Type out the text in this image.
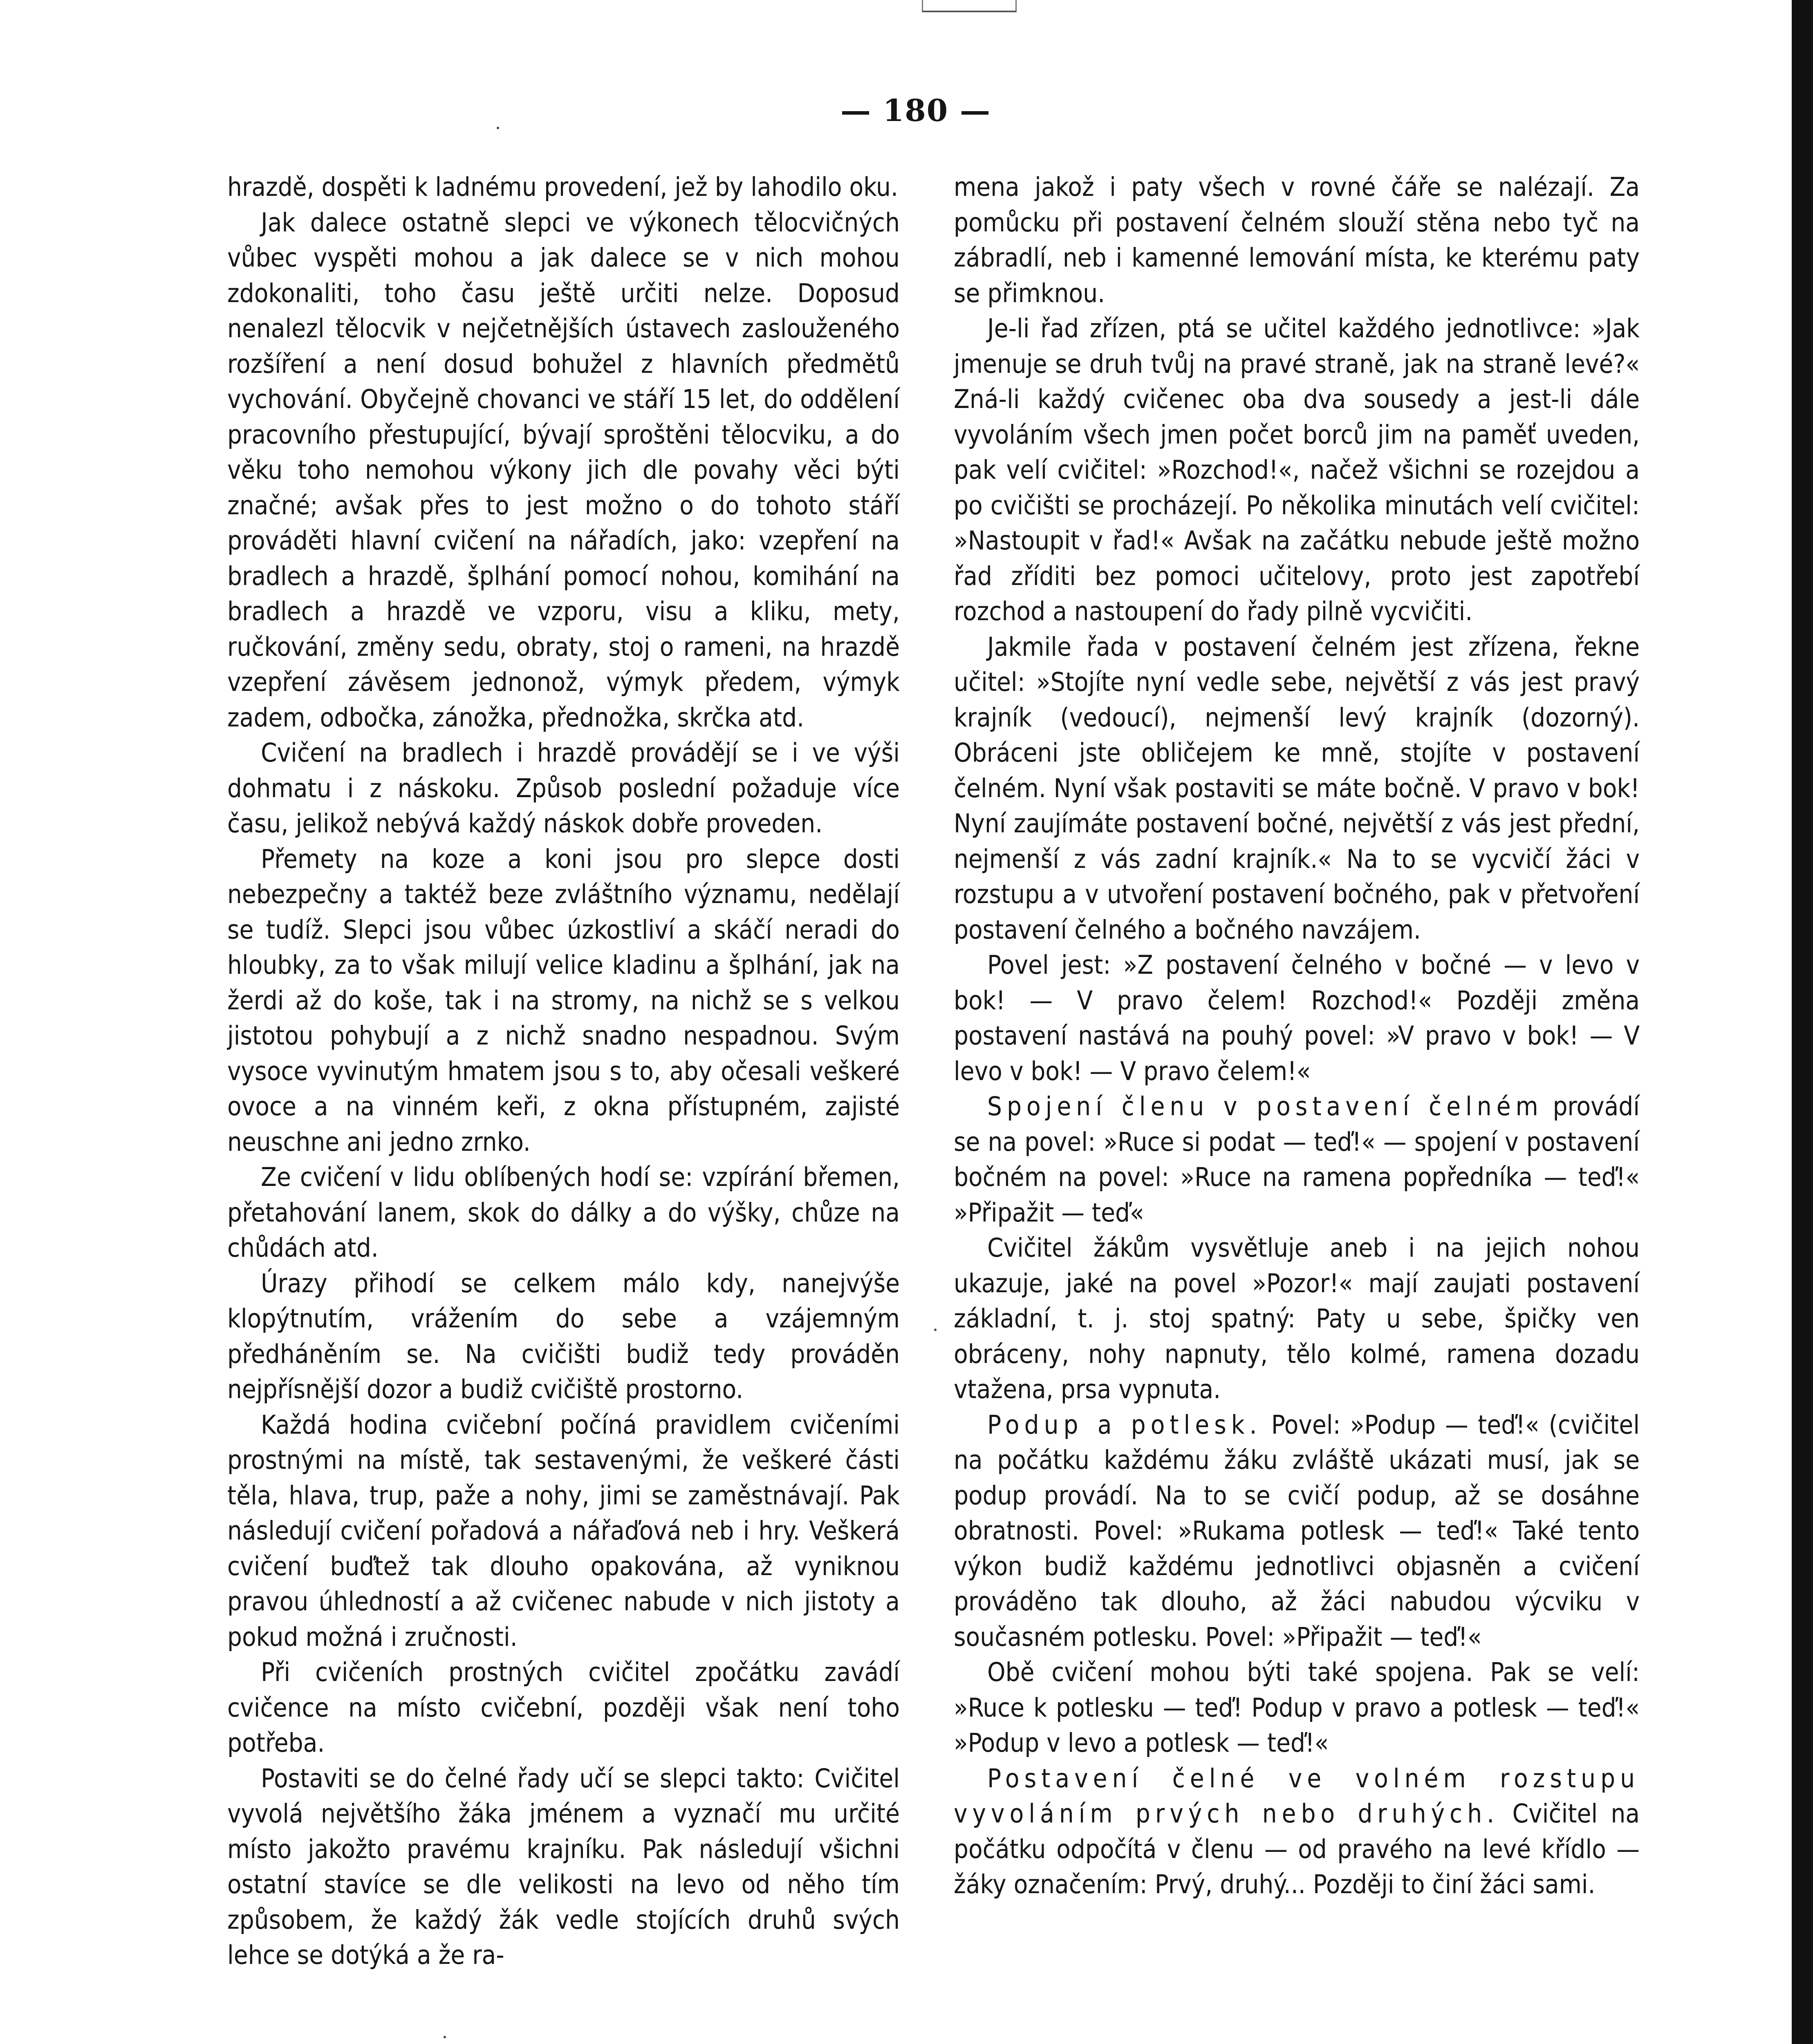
— 180 —

hrazdě, dospěti k ladnému provedení, jež by lahodilo oku.

Jak dalece ostatně slepci ve výkonech tělocvičných vůbec vyspěti mohou a jak dalece se v nich mohou zdokonaliti, toho času ještě určiti nelze. Doposud nenalezl tělocvik v nejčetnějších ústavech zaslouženého rozšíření a není dosud bohužel z hlavních předmětů vychování. Obyčejně chovanci ve stáří 15 let, do oddělení pracovního přestupující, bývají sproštěni tělocviku, a do věku toho nemohou výkony jich dle povahy věci býti značné; avšak přes to jest možno o do tohoto stáří prováděti hlavní cvičení na nářadích, jako: vzepření na bradlech a hrazdě, šplhání pomocí nohou, komihání na bradlech a hrazdě ve vzporu, visu a kliku, mety, ručkování, změny sedu, obraty, stoj o rameni, na hrazdě vzepření závěsem jednonož, výmyk předem, výmyk zadem, odbočka, zánožka, přednožka, skrčka atd.

Cvičení na bradlech i hrazdě provádějí se i ve výši dohmatu i z náskoku. Způsob poslední požaduje více času, jelikož nebývá každý náskok dobře proveden.

Přemety na koze a koni jsou pro slepce dosti nebezpečny a taktéž beze zvláštního významu, nedělají se tudíž. Slepci jsou vůbec úzkostliví a skáčí neradi do hloubky, za to však milují velice kladinu a šplhání, jak na žerdi až do koše, tak i na stromy, na nichž se s velkou jistotou pohybují a z nichž snadno nespadnou. Svým vysoce vyvinutým hmatem jsou s to, aby očesali veškeré ovoce a na vinném keři, z okna přístupném, zajisté neuschne ani jedno zrnko.

Ze cvičení v lidu oblíbených hodí se: vzpírání břemen, přetahování lanem, skok do dálky a do výšky, chůze na chůdách atd.

Úrazy přihodí se celkem málo kdy, nanejvýše klopýtnutím, vrážením do sebe a vzájemným předháněním se. Na cvičišti budiž tedy prováděn nejpřísnější dozor a budiž cvičiště prostorno.

Každá hodina cvičební počíná pravidlem cvičeními prostnými na místě, tak sestavenými, že veškeré části těla, hlava, trup, paže a nohy, jimi se zaměstnávají. Pak následují cvičení pořadová a nářaďová neb i hry. Veškerá cvičení buďtež tak dlouho opakována, až vyniknou pravou úhledností a až cvičenec nabude v nich jistoty a pokud možná i zručnosti.

Při cvičeních prostných cvičitel zpočátku zavádí cvičence na místo cvičební, později však není toho potřeba.

Postaviti se do čelné řady učí se slepci takto: Cvičitel vyvolá největšího žáka jménem a vyznačí mu určité místo jakožto pravému krajníku. Pak následují všichni ostatní stavíce se dle velikosti na levo od něho tím způsobem, že každý žák vedle stojících druhů svých lehce se dotýká a že ra-

mena jakož i paty všech v rovné čáře se nalézají. Za pomůcku při postavení čelném slouží stěna nebo tyč na zábradlí, neb i kamenné lemování místa, ke kterému paty se přimknou.

Je-li řad zřízen, ptá se učitel každého jednotlivce: »Jak jmenuje se druh tvůj na pravé straně, jak na straně levé?« Zná-li každý cvičenec oba dva sousedy a jest-li dále vyvoláním všech jmen počet borců jim na paměť uveden, pak velí cvičitel: »Rozchod!«, načež všichni se rozejdou a po cvičišti se procházejí. Po několika minutách velí cvičitel: »Nastoupit v řad!« Avšak na začátku nebude ještě možno řad zříditi bez pomoci učitelovy, proto jest zapotřebí rozchod a nastoupení do řady pilně vycvičiti.

Jakmile řada v postavení čelném jest zřízena, řekne učitel: »Stojíte nyní vedle sebe, největší z vás jest pravý krajník (vedoucí), nejmenší levý krajník (dozorný). Obráceni jste obličejem ke mně, stojíte v postavení čelném. Nyní však postaviti se máte bočně. V pravo v bok! Nyní zaujímáte postavení bočné, největší z vás jest přední, nejmenší z vás zadní krajník.« Na to se vycvičí žáci v rozstupu a v utvoření postavení bočného, pak v přetvoření postavení čelného a bočného navzájem.

Povel jest: »Z postavení čelného v bočné — v levo v bok! — V pravo čelem! Rozchod!« Později změna postavení nastává na pouhý povel: »V pravo v bok! — V levo v bok! — V pravo čelem!«

Spojení členu v postavení čelném provádí se na povel: »Ruce si podat — teď!« — spojení v postavení bočném na povel: »Ruce na ramena popředníka — teď!« »Připažit — teď«

Cvičitel žákům vysvětluje aneb i na jejich nohou ukazuje, jaké na povel »Pozor!« mají zaujati postavení základní, t. j. stoj spatný: Paty u sebe, špičky ven obráceny, nohy napnuty, tělo kolmé, ramena dozadu vtažena, prsa vypnuta.

Podup a potlesk. Povel: »Podup — teď!« (cvičitel na počátku každému žáku zvláště ukázati musí, jak se podup provádí. Na to se cvičí podup, až se dosáhne obratnosti. Povel: »Rukama potlesk — teď!« Také tento výkon budiž každému jednotlivci objasněn a cvičení prováděno tak dlouho, až žáci nabudou výcviku v současném potlesku. Povel: »Připažit — teď!«

Obě cvičení mohou býti také spojena. Pak se velí: »Ruce k potlesku — teď! Podup v pravo a potlesk — teď!« »Podup v levo a potlesk — teď!«

Postavení čelné ve volném rozstupu vyvoláním prvých nebo druhých. Cvičitel na počátku odpočítá v členu — od pravého na levé křídlo — žáky označením: Prvý, druhý... Později to činí žáci sami.
